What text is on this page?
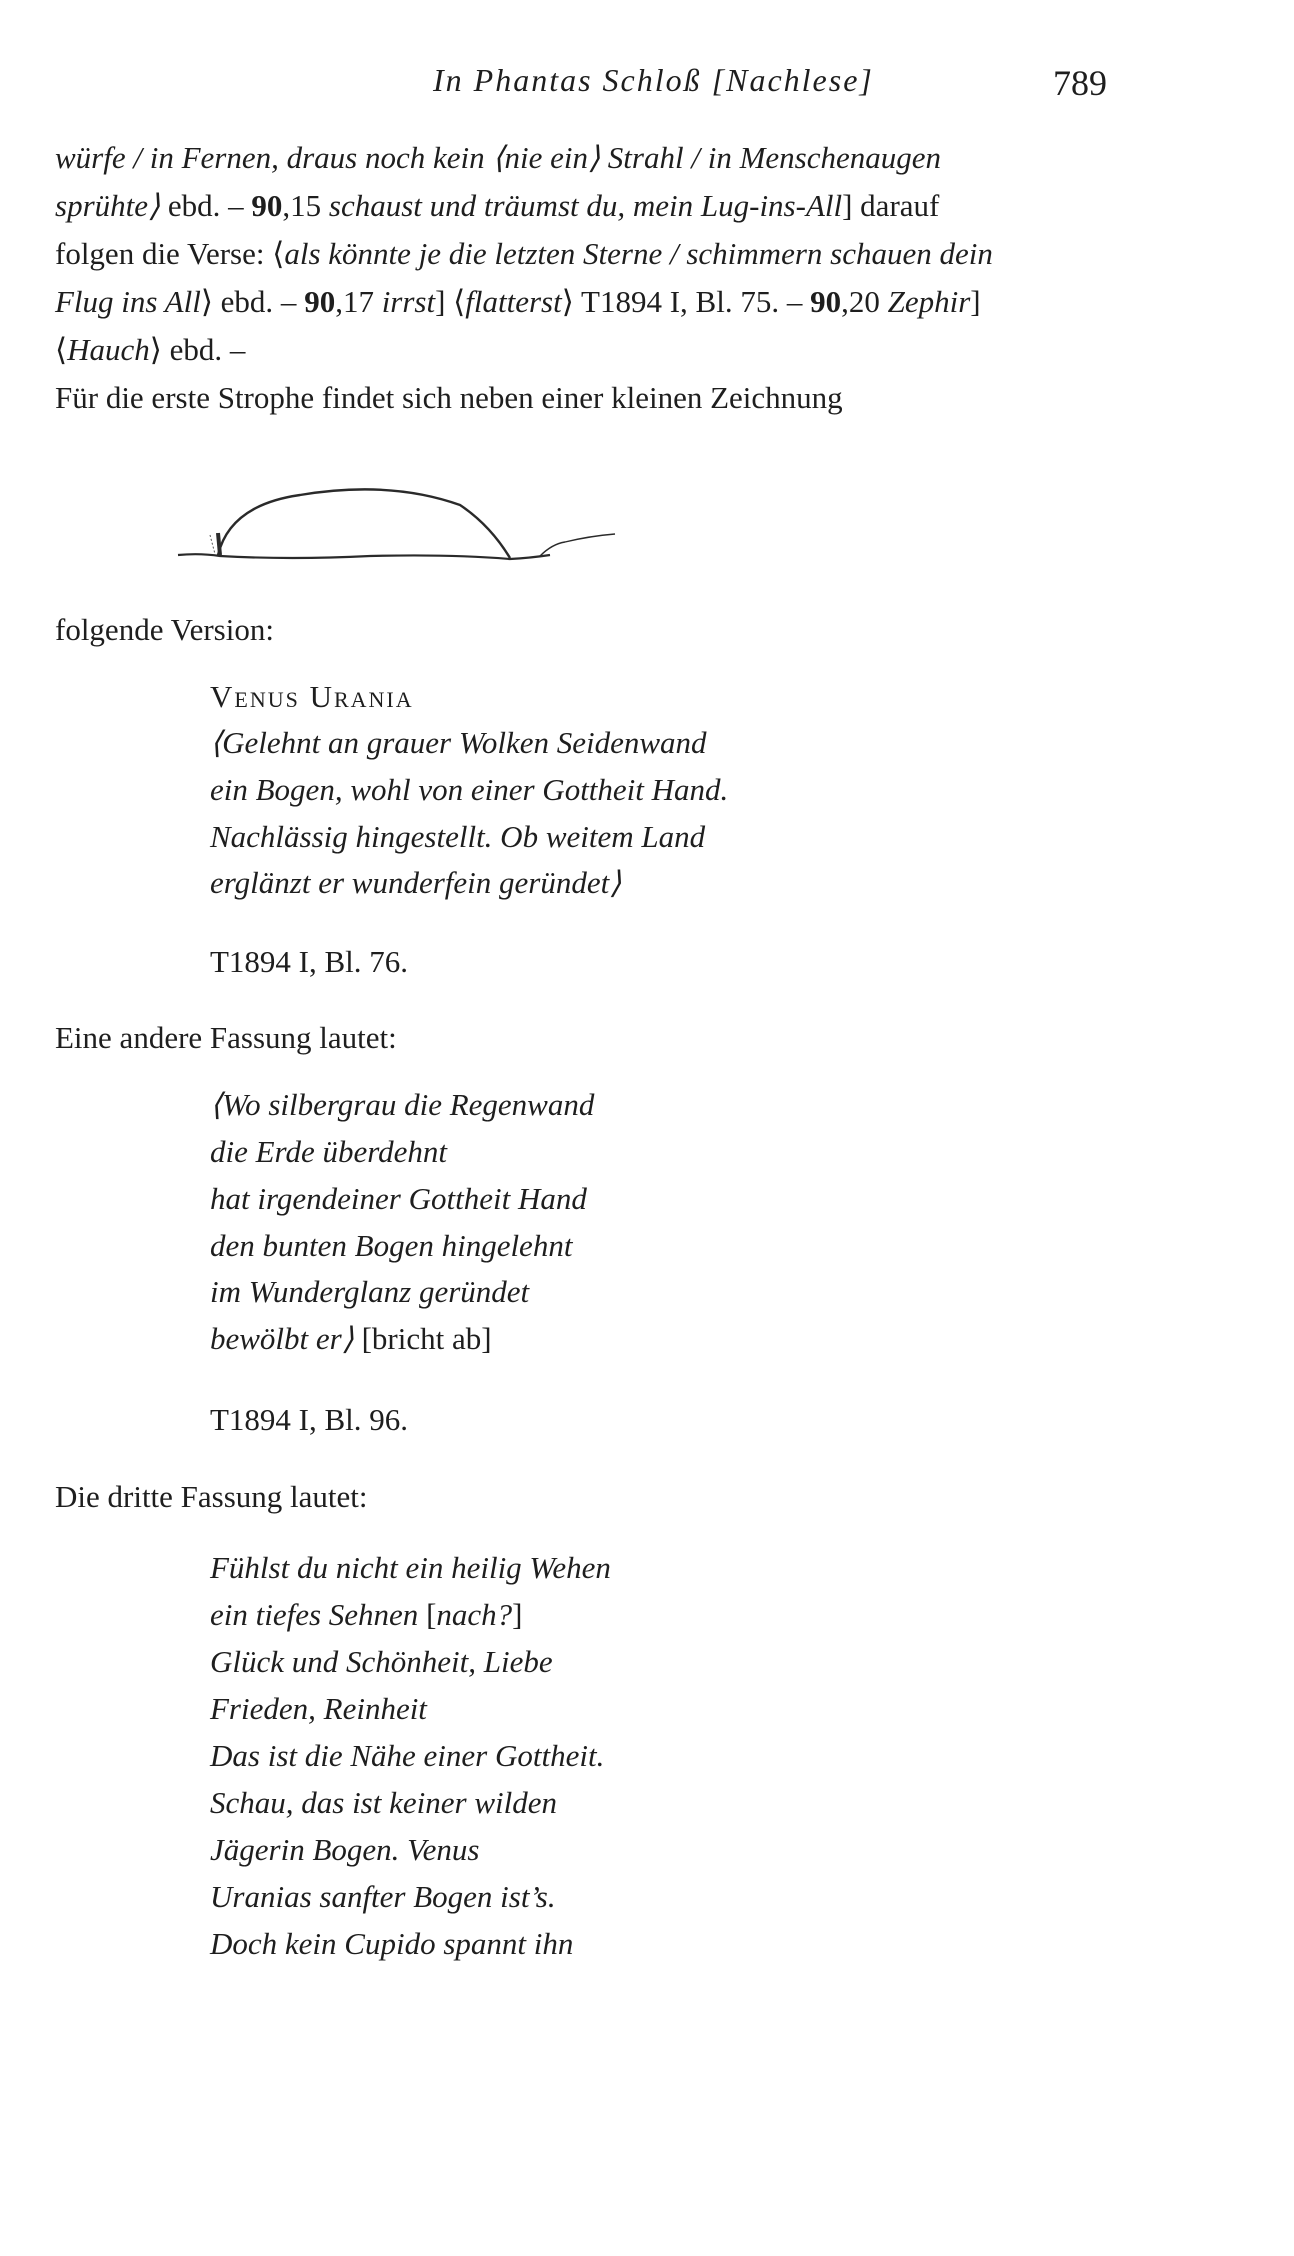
In Phantas Schloß [Nachlese]	789
würfe / in Fernen, draus noch kein ⟨nie ein⟩ Strahl / in Menschenaugen
sprühte⟩ ebd. – 90,15 schaust und träumst du, mein Lug-ins-All] darauf
folgen die Verse: ⟨als könnte je die letzten Sterne / schimmern schauen dein
Flug ins All⟩ ebd. – 90,17 irrst] ⟨flatterst⟩ T1894 I, Bl. 75. – 90,20 Zephir]
⟨Hauch⟩ ebd. –
Für die erste Strophe findet sich neben einer kleinen Zeichnung
folgende Version:
Venus Urania
⟨Gelehnt an grauer Wolken Seidenwand
ein Bogen, wohl von einer Gottheit Hand.
Nachlässig hingestellt. Ob weitem Land
erglänzt er wunderfein geründet⟩
T1894 I, Bl. 76.
Eine andere Fassung lautet:
⟨Wo silbergrau die Regenwand
die Erde überdehnt
hat irgendeiner Gottheit Hand
den bunten Bogen hingelehnt
im Wunderglanz geründet
bewölbt er⟩ [bricht ab]
T1894 I, Bl. 96.
Die dritte Fassung lautet:
Fühlst du nicht ein heilig Wehen
ein tiefes Sehnen [nach?]
Glück und Schönheit, Liebe
Frieden, Reinheit
Das ist die Nähe einer Gottheit.
Schau, das ist keiner wilden
Jägerin Bogen. Venus
Uranias sanfter Bogen ist’s.
Doch kein Cupido spannt ihn
